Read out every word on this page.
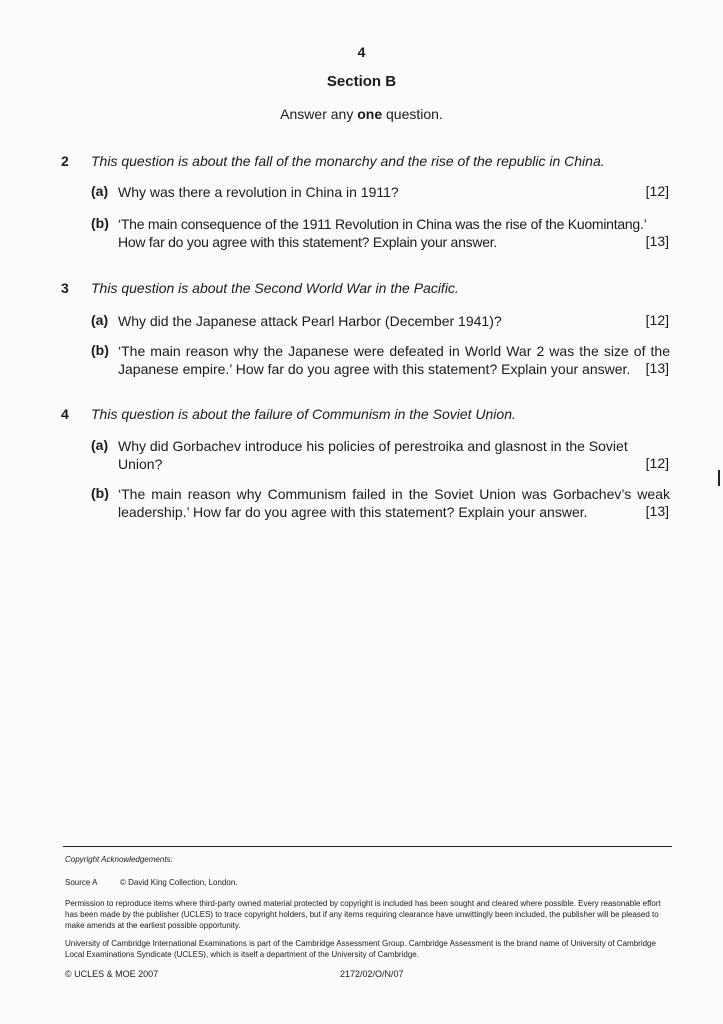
4
Section B
Answer any one question.
2 This question is about the fall of the monarchy and the rise of the republic in China.
(a) Why was there a revolution in China in 1911?	[12]
(b) ‘The main consequence of the 1911 Revolution in China was the rise of the Kuomintang.’ How far do you agree with this statement? Explain your answer.	[13]
3 This question is about the Second World War in the Pacific.
(a) Why did the Japanese attack Pearl Harbor (December 1941)?	[12]
(b) ‘The main reason why the Japanese were defeated in World War 2 was the size of the Japanese empire.’ How far do you agree with this statement? Explain your answer.	[13]
4 This question is about the failure of Communism in the Soviet Union.
(a) Why did Gorbachev introduce his policies of perestroika and glasnost in the Soviet Union?	[12]
(b) ‘The main reason why Communism failed in the Soviet Union was Gorbachev’s weak leadership.’ How far do you agree with this statement? Explain your answer.	[13]
Copyright Acknowledgements:
Source A	© David King Collection, London.
Permission to reproduce items where third-party owned material protected by copyright is included has been sought and cleared where possible. Every reasonable effort has been made by the publisher (UCLES) to trace copyright holders, but if any items requiring clearance have unwittingly been included, the publisher will be pleased to make amends at the earliest possible opportunity.
University of Cambridge International Examinations is part of the Cambridge Assessment Group. Cambridge Assessment is the brand name of University of Cambridge Local Examinations Syndicate (UCLES), which is itself a department of the University of Cambridge.
© UCLES & MOE 2007	2172/02/O/N/07
